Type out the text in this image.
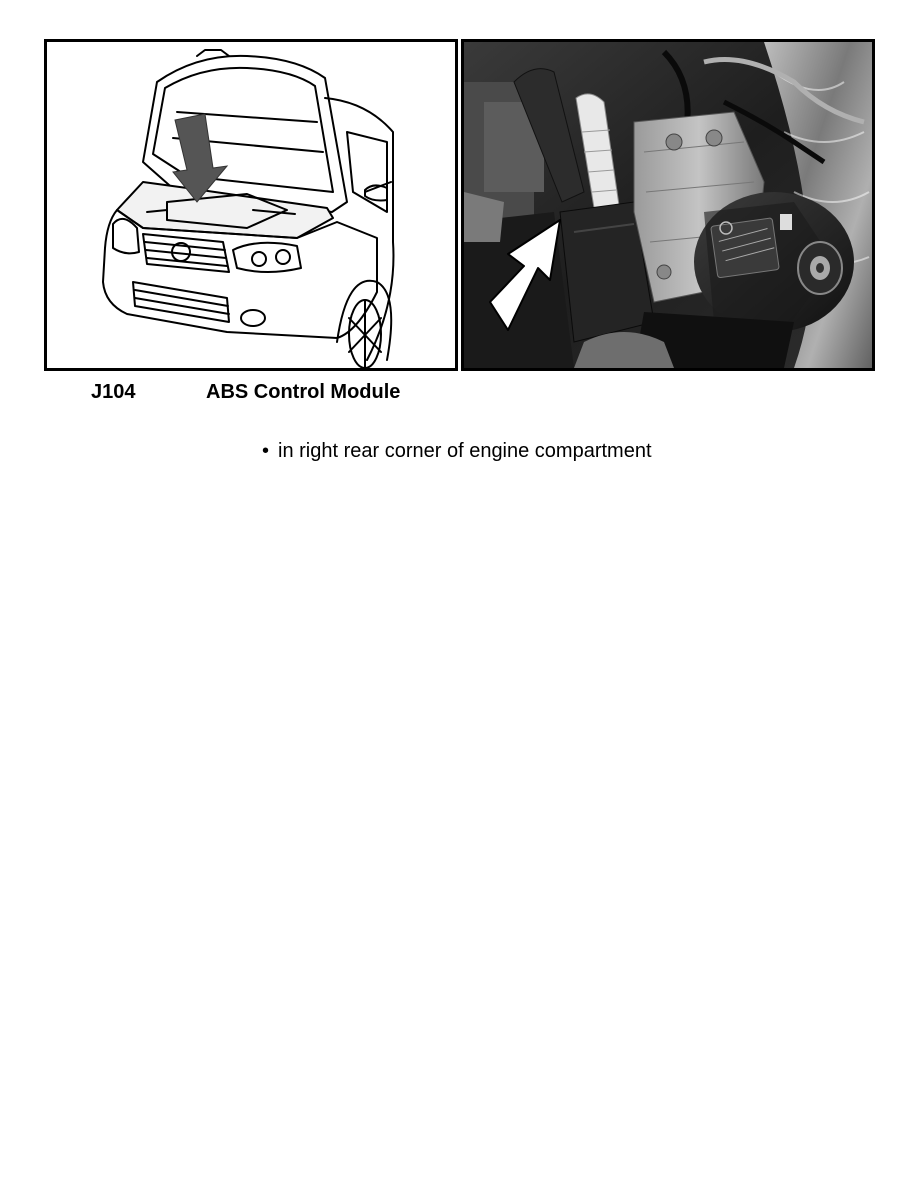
J104	ABS Control Module
• in right rear corner of engine compartment
